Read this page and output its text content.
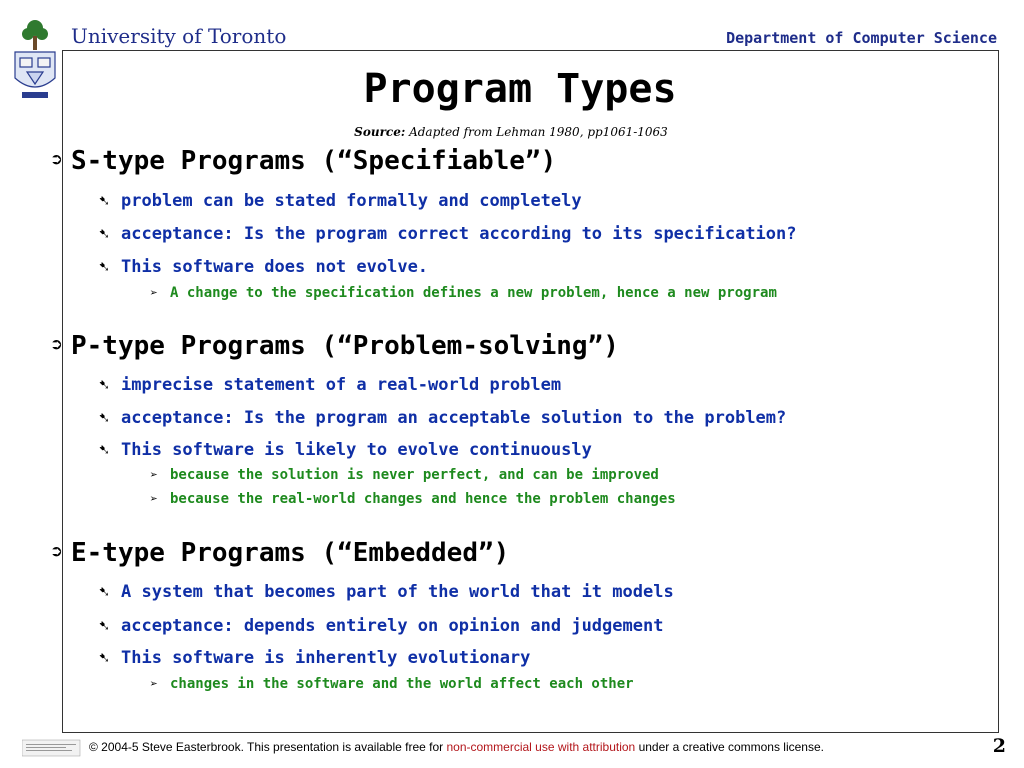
University of Toronto	Department of Computer Science
Program Types
Source: Adapted from Lehman 1980, pp1061-1063
➲ S-type Programs (“Specifiable”)
➷ problem can be stated formally and completely
➷ acceptance: Is the program correct according to its specification?
➷ This software does not evolve.
➢ A change to the specification defines a new problem, hence a new program
➲ P-type Programs (“Problem-solving”)
➷ imprecise statement of a real-world problem
➷ acceptance: Is the program an acceptable solution to the problem?
➷ This software is likely to evolve continuously
➢ because the solution is never perfect, and can be improved
➢ because the real-world changes and hence the problem changes
➲ E-type Programs (“Embedded”)
➷ A system that becomes part of the world that it models
➷ acceptance: depends entirely on opinion and judgement
➷ This software is inherently evolutionary
➢ changes in the software and the world affect each other
© 2004-5 Steve Easterbrook. This presentation is available free for non-commercial use with attribution under a creative commons license.	2
